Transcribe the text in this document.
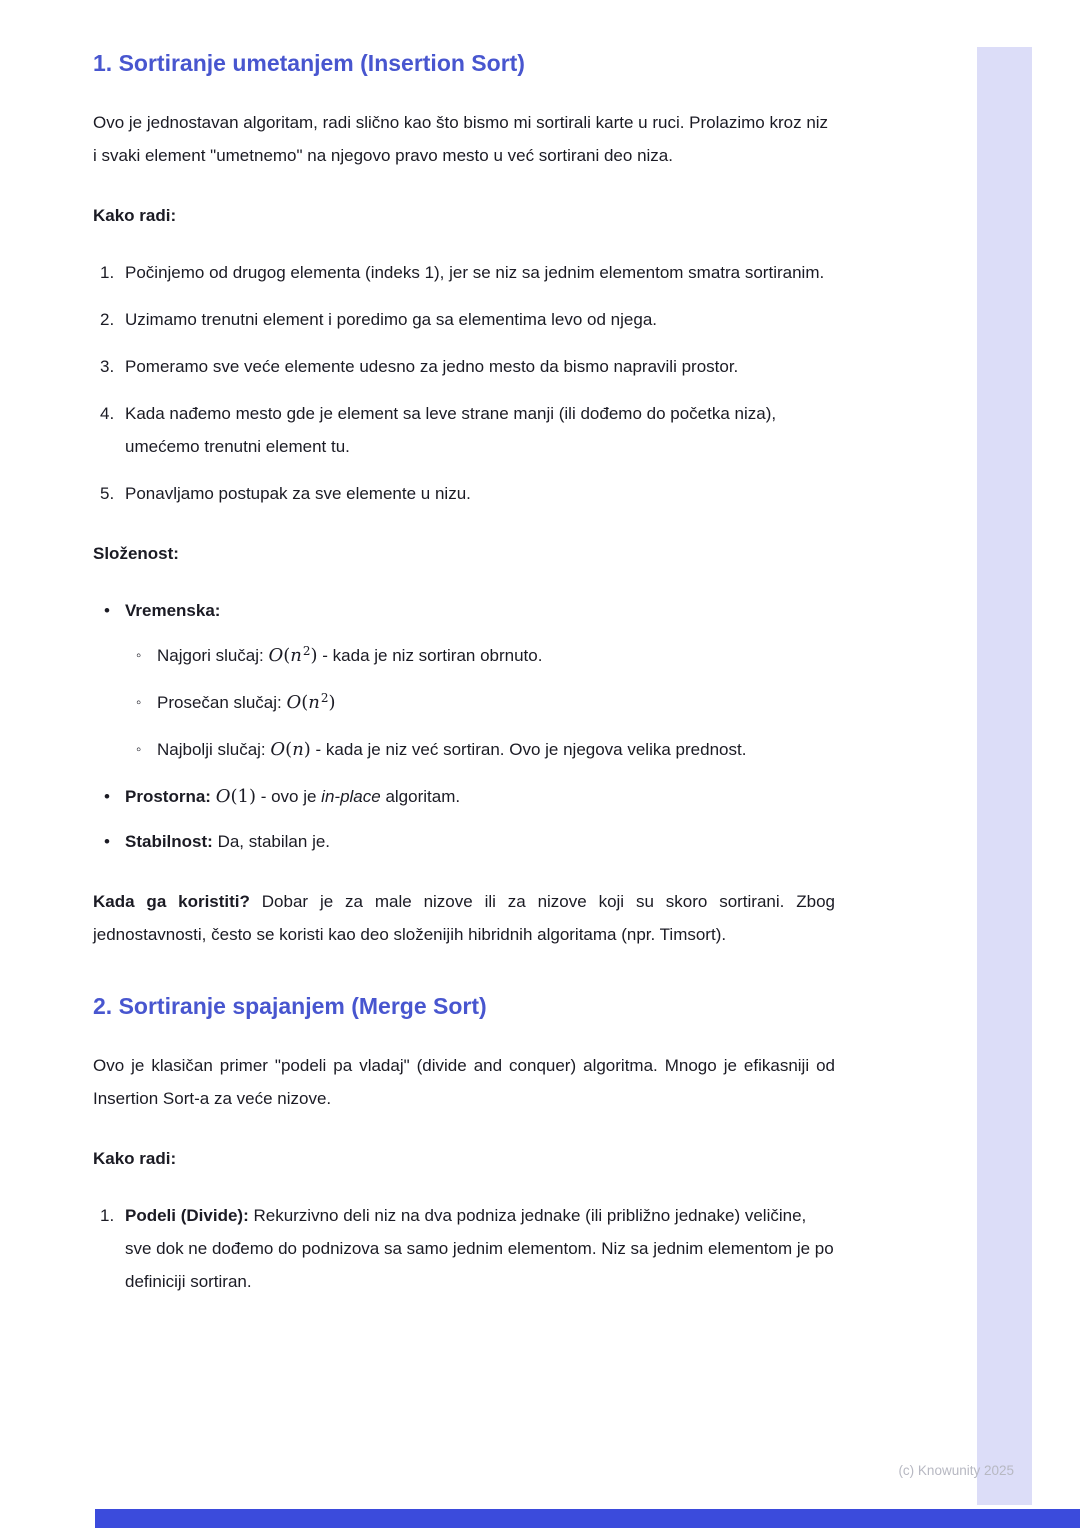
1. Sortiranje umetanjem (Insertion Sort)

Ovo je jednostavan algoritam, radi slično kao što bismo mi sortirali karte u ruci. Prolazimo kroz niz i svaki element "umetnemo" na njegovo pravo mesto u već sortirani deo niza.

Kako radi:

1. Počinjemo od drugog elementa (indeks 1), jer se niz sa jednim elementom smatra sortiranim.
2. Uzimamo trenutni element i poredimo ga sa elementima levo od njega.
3. Pomeramo sve veće elemente udesno za jedno mesto da bismo napravili prostor.
4. Kada nađemo mesto gde je element sa leve strane manji (ili dođemo do početka niza), umećemo trenutni element tu.
5. Ponavljamo postupak za sve elemente u nizu.

Složenost:

• Vremenska:
◦ Najgori slučaj: $O(n^2)$ - kada je niz sortiran obrnuto.
◦ Prosečan slučaj: $O(n^2)$
◦ Najbolji slučaj: O(n) - kada je niz već sortiran. Ovo je njegova velika prednost.
• Prostorna: O(1) - ovo je in-place algoritam.
• Stabilnost: Da, stabilan je.

Kada ga koristiti? Dobar je za male nizove ili za nizove koji su skoro sortirani. Zbog jednostavnosti, često se koristi kao deo složenijih hibridnih algoritama (npr. Timsort).

2. Sortiranje spajanjem (Merge Sort)

Ovo je klasičan primer "podeli pa vladaj" (divide and conquer) algoritma. Mnogo je efikasniji od Insertion Sort-a za veće nizove.

Kako radi:

1. Podeli (Divide): Rekurzivno deli niz na dva podniza jednake (ili približno jednake) veličine, sve dok ne dođemo do podnizova sa samo jednim elementom. Niz sa jednim elementom je po definiciji sortiran.
(c) Knowunity 2025
